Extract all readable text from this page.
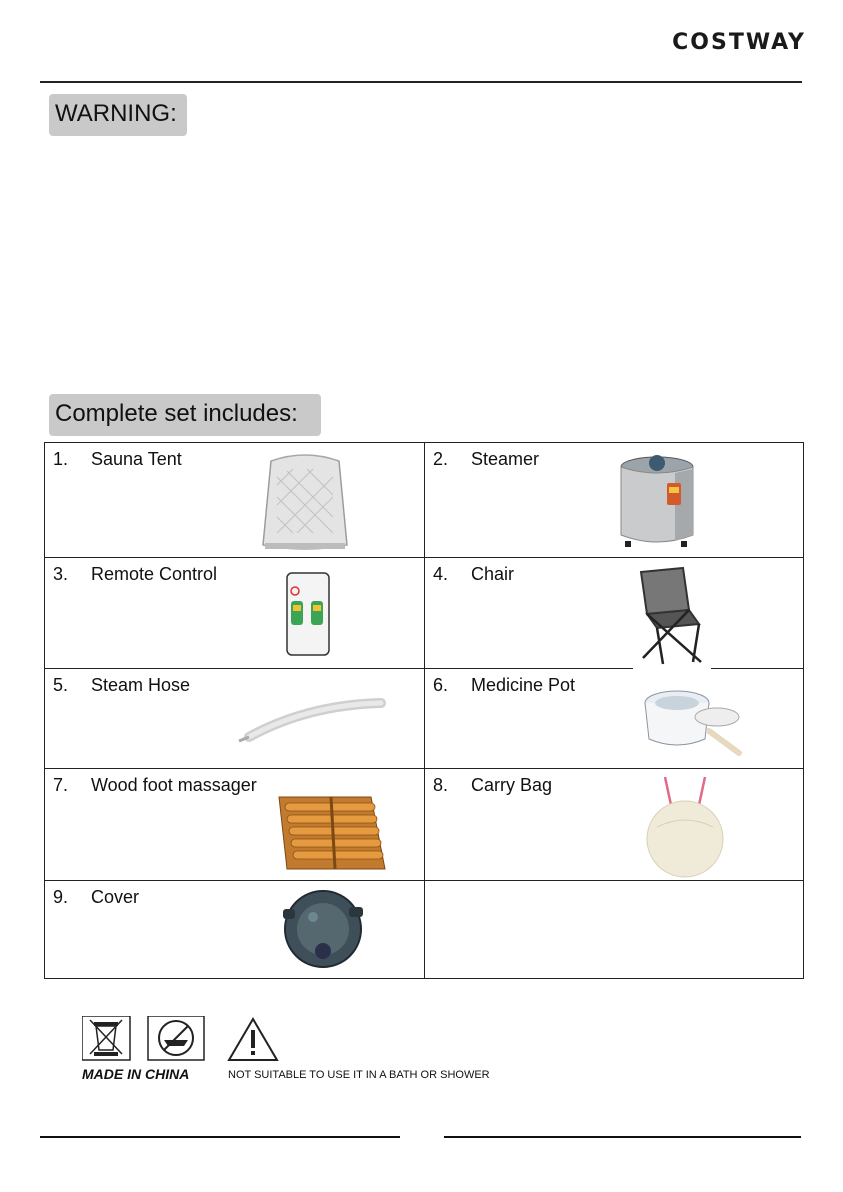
COSTWAY
WARNING:
Complete set includes:
1. Sauna Tent	2. Steamer

3. Remote Control	4. Chair

5. Steam Hose	6. Medicine Pot

7. Wood foot massager	8. Carry Bag

9. Cover	

MADE IN CHINA	NOT SUITABLE TO USE IT IN A BATH OR SHOWER
